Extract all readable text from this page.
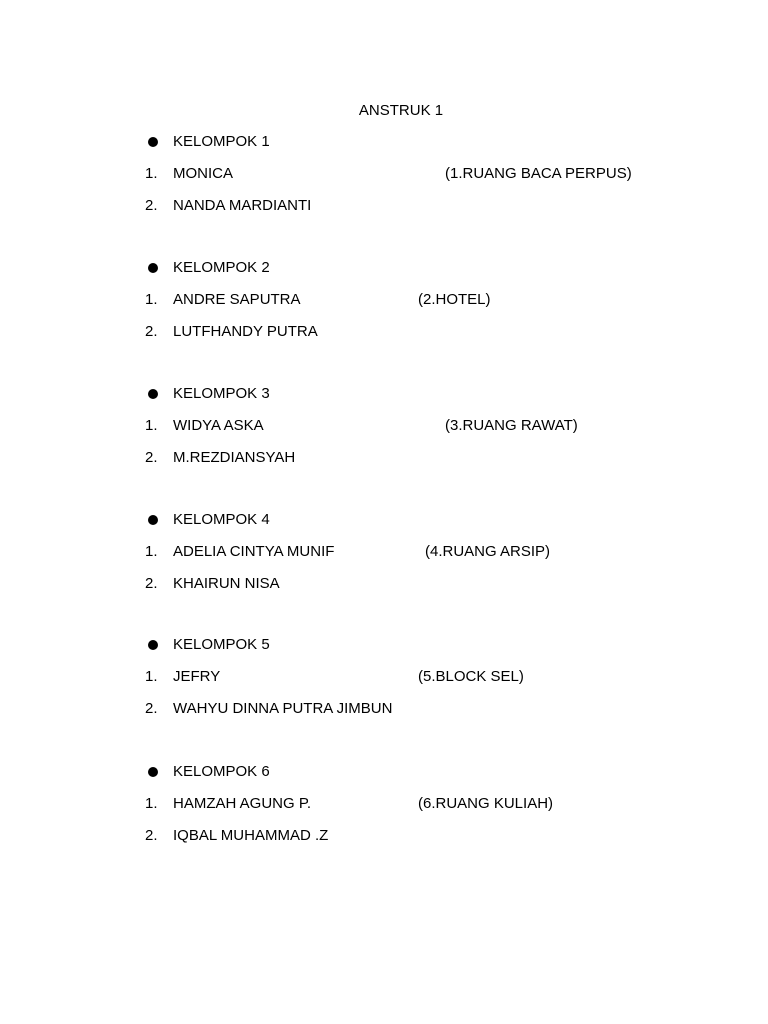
ANSTRUK 1
KELOMPOK 1
1. MONICA	(1.RUANG BACA PERPUS)
2. NANDA MARDIANTI
KELOMPOK 2
1. ANDRE SAPUTRA	(2.HOTEL)
2. LUTFHANDY PUTRA
KELOMPOK 3
1. WIDYA ASKA	(3.RUANG RAWAT)
2. M.REZDIANSYAH
KELOMPOK 4
1. ADELIA CINTYA MUNIF	(4.RUANG ARSIP)
2. KHAIRUN NISA
KELOMPOK 5
1. JEFRY	(5.BLOCK SEL)
2. WAHYU DINNA PUTRA JIMBUN
KELOMPOK 6
1. HAMZAH AGUNG P.	(6.RUANG KULIAH)
2. IQBAL MUHAMMAD .Z
